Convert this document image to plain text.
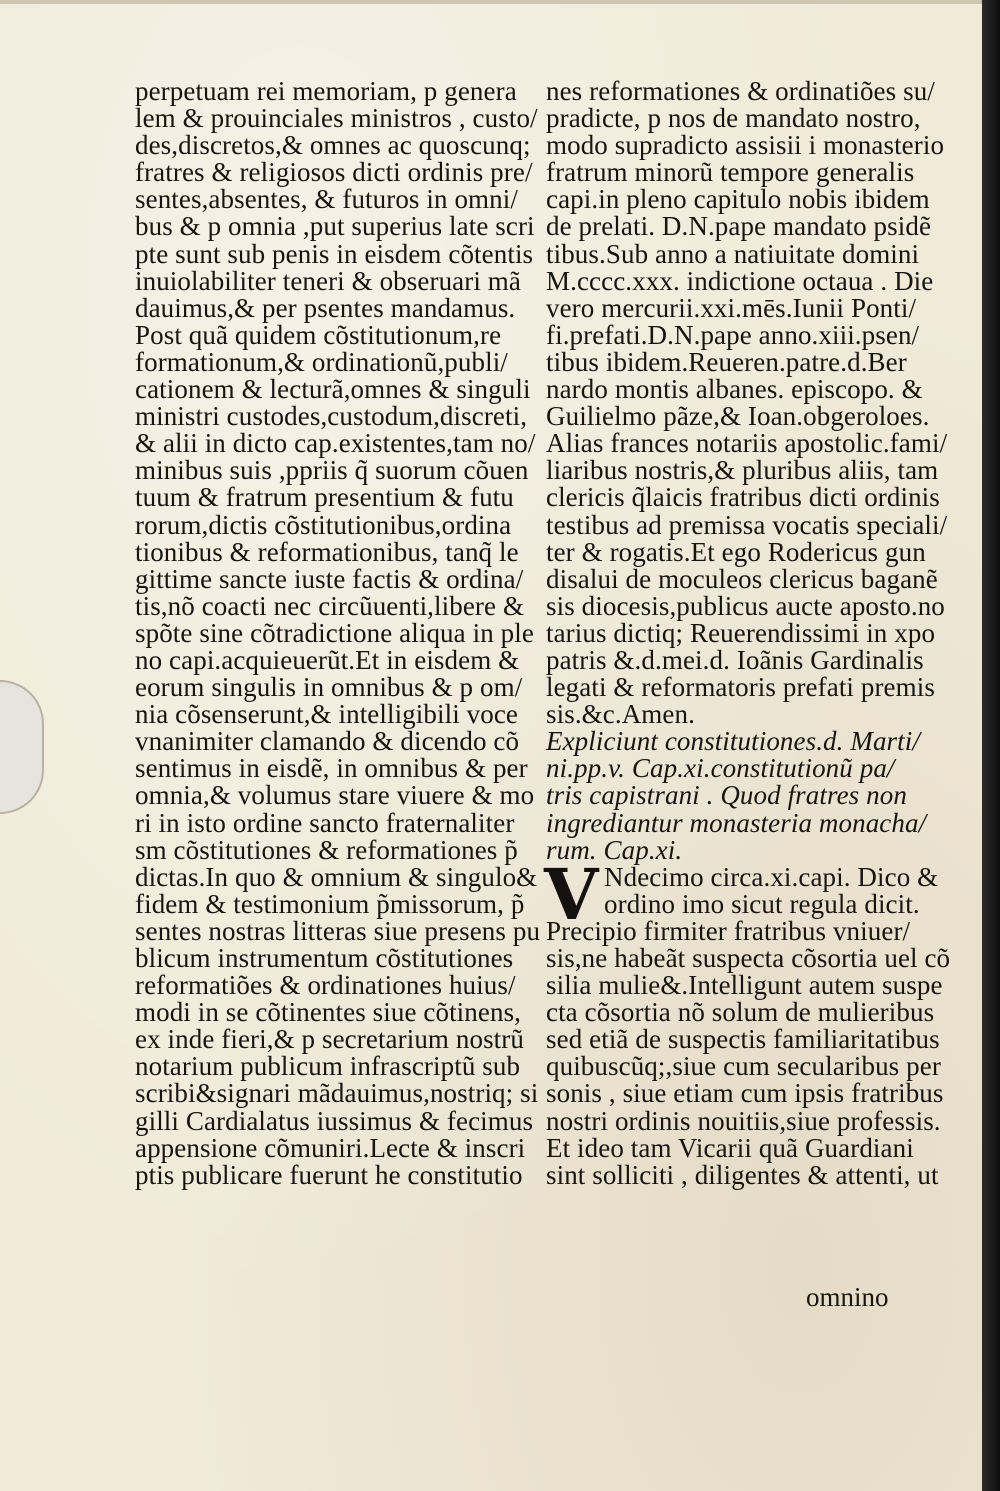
perpetuam rei memoriam, p genera
lem & prouinciales ministros , custo/
des,discretos,& omnes ac quoscunq;
fratres & religiosos dicti ordinis pre/
sentes,absentes, & futuros in omni/
bus & p omnia ,put superius late scri
pte sunt sub penis in eisdem cõtentis
inuiolabiliter teneri & obseruari mã
dauimus,& per psentes mandamus.
Post quã quidem cõstitutionum,re
formationum,& ordinationũ,publi/
cationem & lecturã,omnes & singuli
ministri custodes,custodum,discreti,
& alii in dicto cap.existentes,tam no/
minibus suis ,ppriis q̃ suorum cõuen
tuum & fratrum presentium & futu
rorum,dictis cõstitutionibus,ordina
tionibus & reformationibus, tanq̃ le
gittime sancte iuste factis & ordina/
tis,nõ coacti nec circũuenti,libere &
spõte sine cõtradictione aliqua in ple
no capi.acquieuerũt.Et in eisdem &
eorum singulis in omnibus & p om/
nia cõsenserunt,& intelligibili voce
vnanimiter clamando & dicendo cõ
sentimus in eisdẽ, in omnibus & per
omnia,& volumus stare viuere & mo
ri in isto ordine sancto fraternaliter
sm cõstitutiones & reformationes p̃
dictas.In quo & omnium & singulo&
fidem & testimonium p̃missorum, p̃
sentes nostras litteras siue presens pu
blicum instrumentum cõstitutiones
reformatiões & ordinationes huius/
modi in se cõtinentes siue cõtinens,
ex inde fieri,& p secretarium nostrũ
notarium publicum infrascriptũ sub
scribi&signari mãdauimus,nostriq; si
gilli Cardialatus iussimus & fecimus
appensione cõmuniri.Lecte & inscri
ptis publicare fuerunt he constitutio
nes reformationes & ordinatiões su/
pradicte, p nos de mandato nostro,
modo supradicto assisii i monasterio
fratrum minorũ tempore generalis
capi.in pleno capitulo nobis ibidem
de prelati. D.N.pape mandato psidẽ
tibus.Sub anno a natiuitate domini
M.cccc.xxx. indictione octaua . Die
vero mercurii.xxi.mēs.Iunii Ponti/
fi.prefati.D.N.pape anno.xiii.psen/
tibus ibidem.Reueren.patre.d.Ber
nardo montis albanes. episcopo. &
Guilielmo pãze,& Ioan.obgeroloes.
Alias frances notariis apostolic.fami/
liaribus nostris,& pluribus aliis, tam
clericis q̃laicis fratribus dicti ordinis
testibus ad premissa vocatis speciali/
ter & rogatis.Et ego Rodericus gun
disalui de moculeos clericus baganẽ
sis diocesis,publicus aucte aposto.no
tarius dictiq; Reuerendissimi in xpo
patris &.d.mei.d. Ioãnis Gardinalis
legati & reformatoris prefati premis
sis.&c.Amen.
Expliciunt constitutiones.d. Marti/
ni.pp.v. Cap.xi.constitutionũ pa/
tris capistrani . Quod fratres non
ingrediantur monasteria monacha/
rum. Cap.xi.
V Ndecimo circa.xi.capi. Dico &
ordino imo sicut regula dicit.
Precipio firmiter fratribus vniuer/
sis,ne habeãt suspecta cõsortia uel cõ
silia mulie&.Intelligunt autem suspe
cta cõsortia nõ solum de mulieribus
sed etiã de suspectis familiaritatibus
quibuscũq;,siue cum secularibus per
sonis , siue etiam cum ipsis fratribus
nostri ordinis nouitiis,siue professis.
Et ideo tam Vicarii quã Guardiani
sint solliciti , diligentes & attenti, ut
omnino
